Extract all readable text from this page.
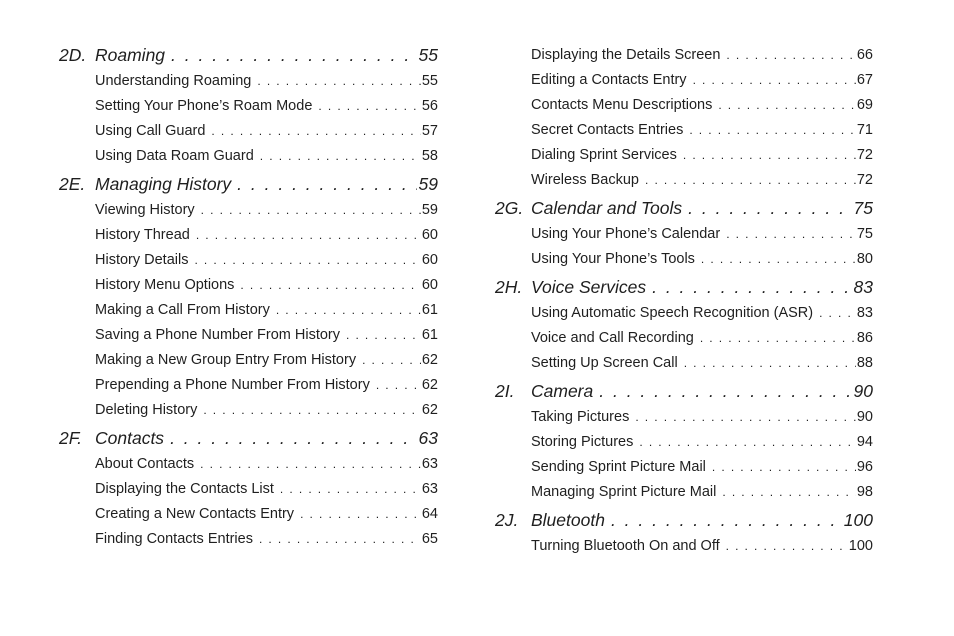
2D. Roaming . . .	55
Understanding Roaming . . .	55
Setting Your Phone’s Roam Mode . . .	56
Using Call Guard . . .	57
Using Data Roam Guard . . .	58
2E. Managing History . . .	59
Viewing History . . .	59
History Thread . . .	60
History Details . . .	60
History Menu Options . . .	60
Making a Call From History . . .	61
Saving a Phone Number From History . . .	61
Making a New Group Entry From History . . .	62
Prepending a Phone Number From History . . .	62
Deleting History . . .	62
2F. Contacts . . .	63
About Contacts . . .	63
Displaying the Contacts List . . .	63
Creating a New Contacts Entry . . .	64
Finding Contacts Entries . . .	65
Displaying the Details Screen . . .	66
Editing a Contacts Entry . . .	67
Contacts Menu Descriptions . . .	69
Secret Contacts Entries . . .	71
Dialing Sprint Services . . .	72
Wireless Backup . . .	72
2G. Calendar and Tools . . .	75
Using Your Phone’s Calendar . . .	75
Using Your Phone’s Tools . . .	80
2H. Voice Services . . .	83
Using Automatic Speech Recognition (ASR) . . .	83
Voice and Call Recording . . .	86
Setting Up Screen Call . . .	88
2I. Camera . . .	90
Taking Pictures . . .	90
Storing Pictures . . .	94
Sending Sprint Picture Mail . . .	96
Managing Sprint Picture Mail . . .	98
2J. Bluetooth . . .	100
Turning Bluetooth On and Off . . .	100
